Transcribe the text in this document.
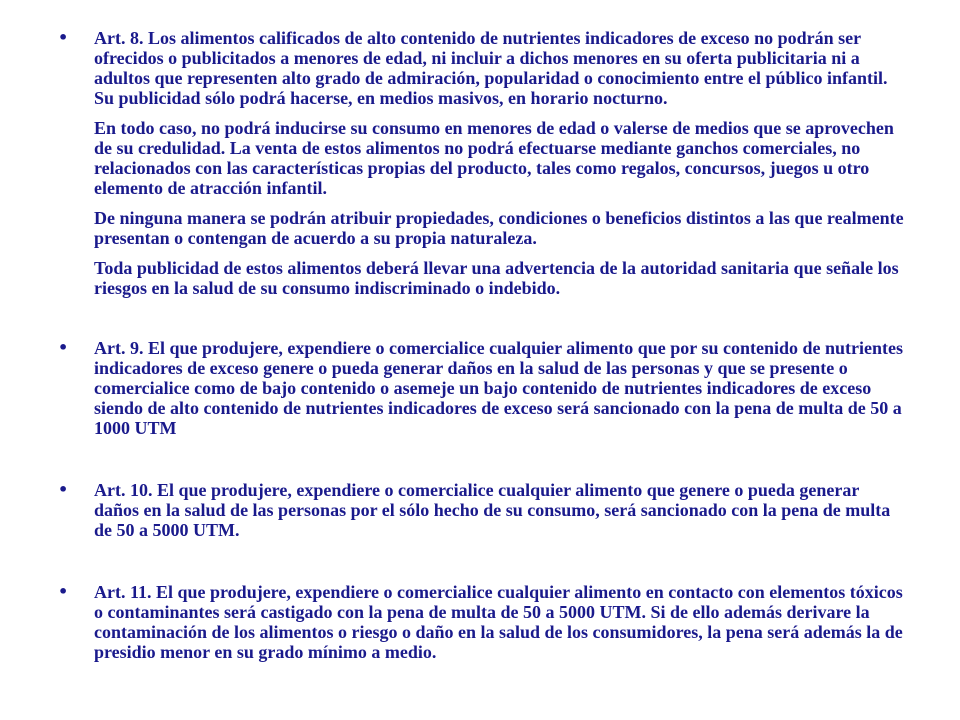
•	Art. 8. Los alimentos calificados de alto contenido de nutrientes indicadores de exceso no podrán ser ofrecidos o publicitados a menores de edad, ni incluir a dichos menores en su oferta publicitaria ni a adultos que representen alto grado de admiración, popularidad o conocimiento entre el público infantil. Su publicidad sólo podrá hacerse, en medios masivos, en horario nocturno.

En todo caso, no podrá inducirse su consumo en menores de edad o valerse de medios que se aprovechen de su credulidad. La venta de estos alimentos no podrá efectuarse mediante ganchos comerciales, no relacionados con las características propias del producto, tales como regalos, concursos, juegos u otro elemento de atracción infantil.

De ninguna manera se podrán atribuir propiedades, condiciones o beneficios distintos a las que realmente presentan o contengan de acuerdo a su propia naturaleza.

Toda publicidad de estos alimentos deberá llevar una advertencia de la autoridad sanitaria que señale los riesgos en la salud de su consumo indiscriminado o indebido.

•	Art. 9. El que produjere, expendiere o comercialice cualquier alimento que por su contenido de nutrientes indicadores de exceso genere o pueda generar daños en la salud de las personas y que se presente o comercialice como de bajo contenido o asemeje un bajo contenido de nutrientes indicadores de exceso siendo de alto contenido de nutrientes indicadores de exceso será sancionado con la pena de multa de 50 a 1000 UTM

•	Art. 10. El que produjere, expendiere o comercialice cualquier alimento que genere o pueda generar daños en la salud de las personas por el sólo hecho de su consumo, será sancionado con la pena de multa de 50 a 5000 UTM.

•	Art. 11. El que produjere, expendiere o comercialice cualquier alimento en contacto con elementos tóxicos o contaminantes será castigado con la pena de multa de 50 a 5000 UTM. Si de ello además derivare la contaminación de los alimentos o riesgo o daño en la salud de los consumidores, la pena será además la de presidio menor en su grado mínimo a medio.
